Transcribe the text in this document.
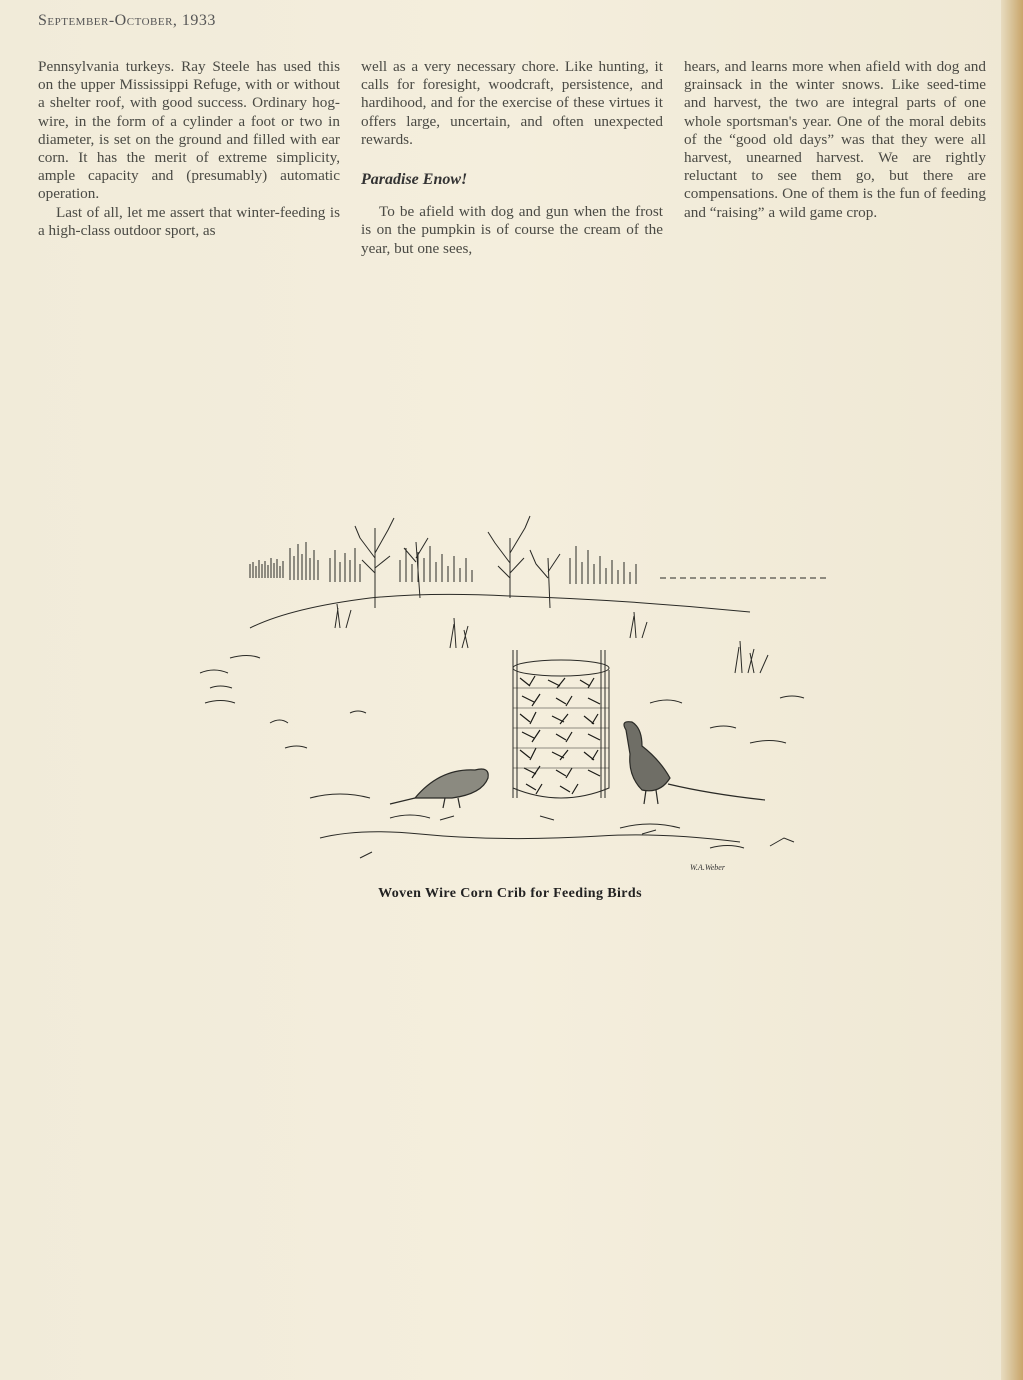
September-October, 1933

Pennsylvania turkeys. Ray Steele has used this on the upper Mississippi Refuge, with or without a shelter roof, with good success. Ordinary hog-wire, in the form of a cylinder a foot or two in diameter, is set on the ground and filled with ear corn. It has the merit of extreme simplicity, ample capacity and (presumably) automatic operation.

Last of all, let me assert that winter-feeding is a high-class outdoor sport, as

well as a very necessary chore. Like hunting, it calls for foresight, woodcraft, persistence, and hardihood, and for the exercise of these virtues it offers large, uncertain, and often unexpected rewards.

Paradise Enow!

To be afield with dog and gun when the frost is on the pumpkin is of course the cream of the year, but one sees,

hears, and learns more when afield with dog and grainsack in the winter snows. Like seed-time and harvest, the two are integral parts of one whole sportsman's year. One of the moral debits of the “good old days” was that they were all harvest, unearned harvest. We are rightly reluctant to see them go, but there are compensations. One of them is the fun of feeding and “raising” a wild game crop.

W.A.Weber
Woven Wire Corn Crib for Feeding Birds
